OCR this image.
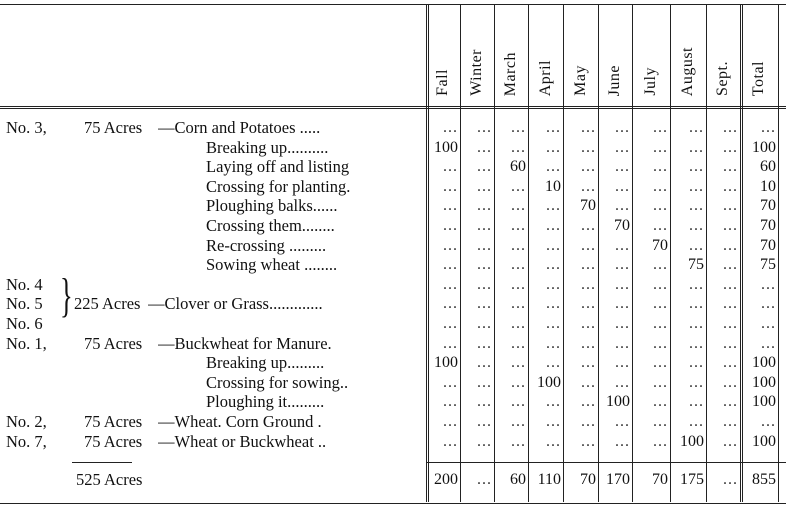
Fall Winter March April May June July August Sept. Total
No. 3, 75 Acres —Corn and Potatoes .....	...	...	...	...	...	...	...	...	...	...
Breaking up..........	100	...	...	...	...	...	...	...	... 100
Laying off and listing	...	...	60	...	...	...	...	...	...	60
Crossing for planting.	...	...	...	10	...	...	...	...	...	10
Ploughing balks......	...	...	...	...	70	...	...	...	...	70
Crossing them........	...	...	...	...	...	70	...	...	...	70
Re-crossing .........	...	...	...	...	...	...	70	...	...	70
Sowing wheat ........	...	...	...	...	...	...	...	75	...	75
No. 4	...	...	...	...	...	...	...	...	...	...
No. 5 225 Acres —Clover or Grass.............	...	...	...	...	...	...	...	...	...	...
No. 6	...	...	...	...	...	...	...	...	...	...
No. 1, 75 Acres —Buckwheat for Manure.	...	...	...	...	...	...	...	...	...	...
Breaking up.........	100	...	...	...	...	...	...	...	... 100
Crossing for sowing..	...	...	... 100	...	...	...	...	... 100
Ploughing it.........	...	...	...	...	... 100	...	...	... 100
No. 2, 75 Acres —Wheat. Corn Ground .	...	...	...	...	...	...	...	...	...	...
No. 7, 75 Acres —Wheat or Buckwheat ..	...	...	...	...	...	...	... 100	... 100
525 Acres	200	...	60 110	70 170	70 175	... 855
}
